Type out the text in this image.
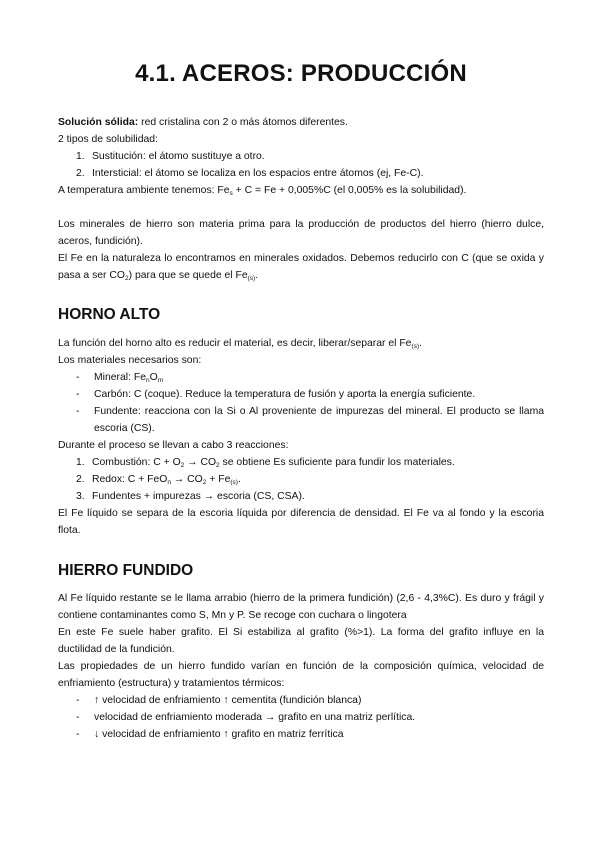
4.1. ACEROS: PRODUCCIÓN

Solución sólida: red cristalina con 2 o más átomos diferentes.

2 tipos de solubilidad:

1. Sustitución: el átomo sustituye a otro.
2. Intersticial: el átomo se localiza en los espacios entre átomos (ej, Fe-C).

A temperatura ambiente tenemos: $Fe_s + C = Fe + 0,005\%C$ (el 0,005% es la solubilidad).

Los minerales de hierro son materia prima para la producción de productos del hierro (hierro dulce, aceros, fundición).

El Fe en la naturaleza lo encontramos en minerales oxidados. Debemos reducirlo con C (que se oxida y pasa a ser $CO_2$) para que se quede el $Fe_{(s)}$.

HORNO ALTO

La función del horno alto es reducir el material, es decir, liberar/separar el $Fe_{(s)}$.

Los materiales necesarios son:

- Mineral: $Fe_nO_m$
- Carbón: C (coque). Reduce la temperatura de fusión y aporta la energía suficiente.
- Fundente: reacciona con la Si o Al proveniente de impurezas del mineral. El producto se llama escoria (CS).

Durante el proceso se llevan a cabo 3 reacciones:

1. Combustión: $C + O_2 \to CO_2$ se obtiene Es suficiente para fundir los materiales.
2. Redox: $C + FeO_n \to CO_2 + Fe_{(s)}$.
3. Fundentes + impurezas → escoria (CS, CSA).

El Fe líquido se separa de la escoria líquida por diferencia de densidad. El Fe va al fondo y la escoria flota.

HIERRO FUNDIDO

Al Fe líquido restante se le llama arrabio (hierro de la primera fundición) (2,6 - 4,3%C). Es duro y frágil y contiene contaminantes como S, Mn y P. Se recoge con cuchara o lingotera

En este Fe suele haber grafito. El Si estabiliza al grafito (%>1). La forma del grafito influye en la ductilidad de la fundición.

Las propiedades de un hierro fundido varían en función de la composición química, velocidad de enfriamiento (estructura) y tratamientos térmicos:

- ↑ velocidad de enfriamiento ↑ cementita (fundición blanca)
- velocidad de enfriamiento moderada → grafito en una matriz perlítica.
- ↓ velocidad de enfriamiento ↑ grafito en matriz ferrítica
